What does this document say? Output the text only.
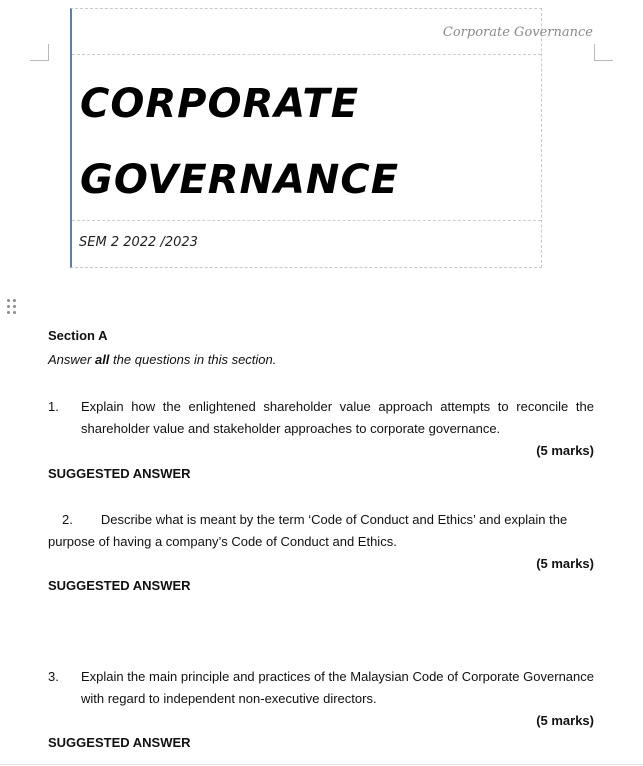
Corporate Governance
CORPORATE
GOVERNANCE
SEM 2 2022 /2023
Section A
Answer all the questions in this section.
1. Explain how the enlightened shareholder value approach attempts to reconcile the shareholder value and stakeholder approaches to corporate governance.
(5 marks)
SUGGESTED ANSWER
2. Describe what is meant by the term ‘Code of Conduct and Ethics’ and explain the purpose of having a company’s Code of Conduct and Ethics.
(5 marks)
SUGGESTED ANSWER
3. Explain the main principle and practices of the Malaysian Code of Corporate Governance with regard to independent non-executive directors.
(5 marks)
SUGGESTED ANSWER
